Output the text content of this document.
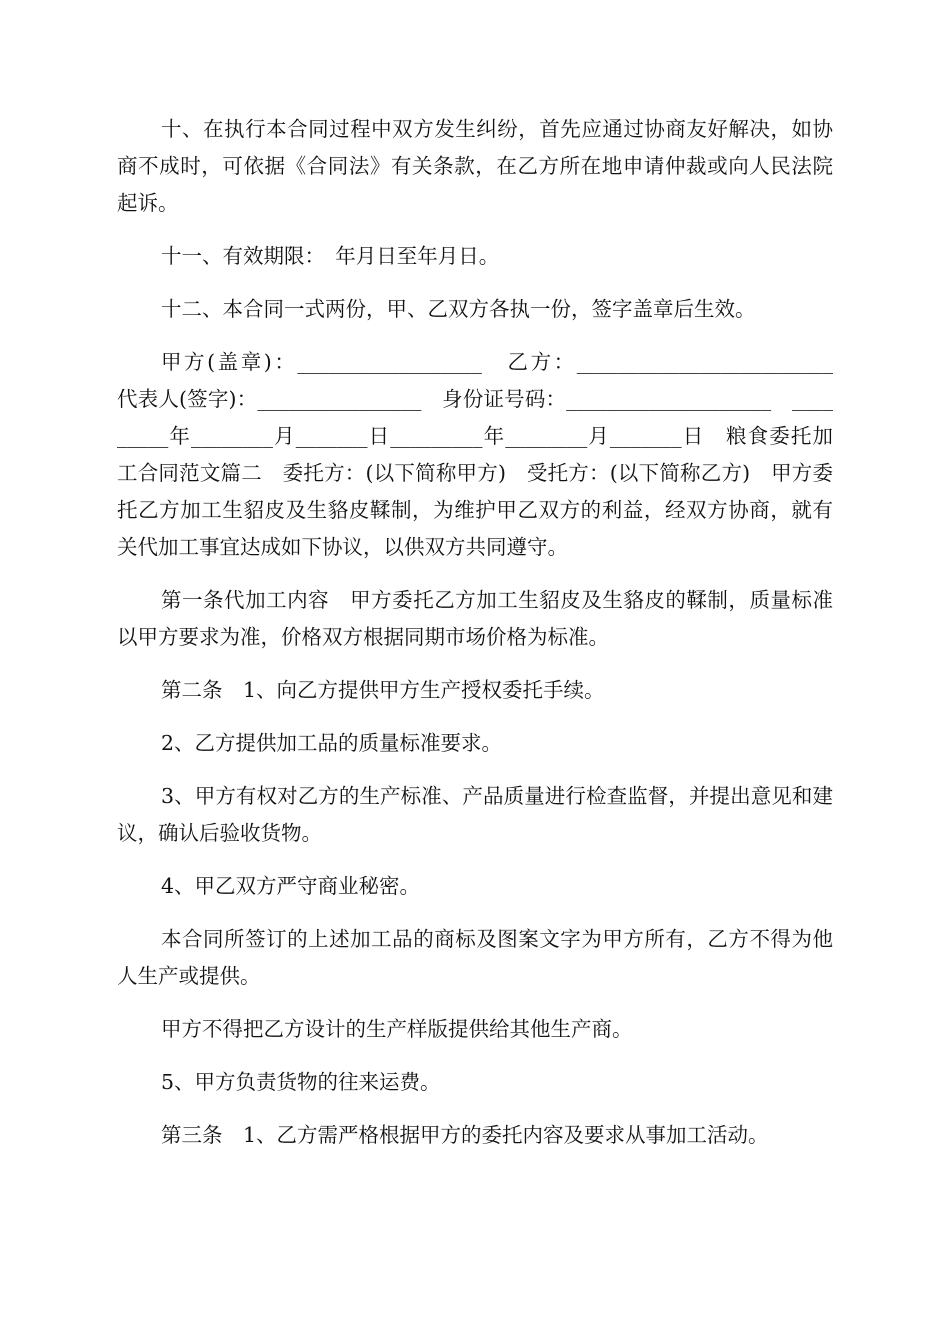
十、在执行本合同过程中双方发生纠纷，首先应通过协商友好解决，如协商不成时，可依据《合同法》有关条款，在乙方所在地申请仲裁或向人民法院起诉。

十一、有效期限：　年月日至年月日。

十二、本合同一式两份，甲、乙双方各执一份，签字盖章后生效。

甲方(盖章)：__________________　乙方：_________________________　代表人(签字)：________________　身份证号码：____________________　_________年________月_______日_________年________月_______日　粮食委托加工合同范文篇二　委托方：(以下简称甲方)　受托方：(以下简称乙方)　甲方委托乙方加工生貂皮及生貉皮鞣制，为维护甲乙双方的利益，经双方协商，就有关代加工事宜达成如下协议，以供双方共同遵守。

第一条代加工内容　甲方委托乙方加工生貂皮及生貉皮的鞣制，质量标准以甲方要求为准，价格双方根据同期市场价格为标准。

第二条　1、向乙方提供甲方生产授权委托手续。

2、乙方提供加工品的质量标准要求。

3、甲方有权对乙方的生产标准、产品质量进行检查监督，并提出意见和建议，确认后验收货物。

4、甲乙双方严守商业秘密。

本合同所签订的上述加工品的商标及图案文字为甲方所有，乙方不得为他人生产或提供。

甲方不得把乙方设计的生产样版提供给其他生产商。

5、甲方负责货物的往来运费。

第三条　1、乙方需严格根据甲方的委托内容及要求从事加工活动。
